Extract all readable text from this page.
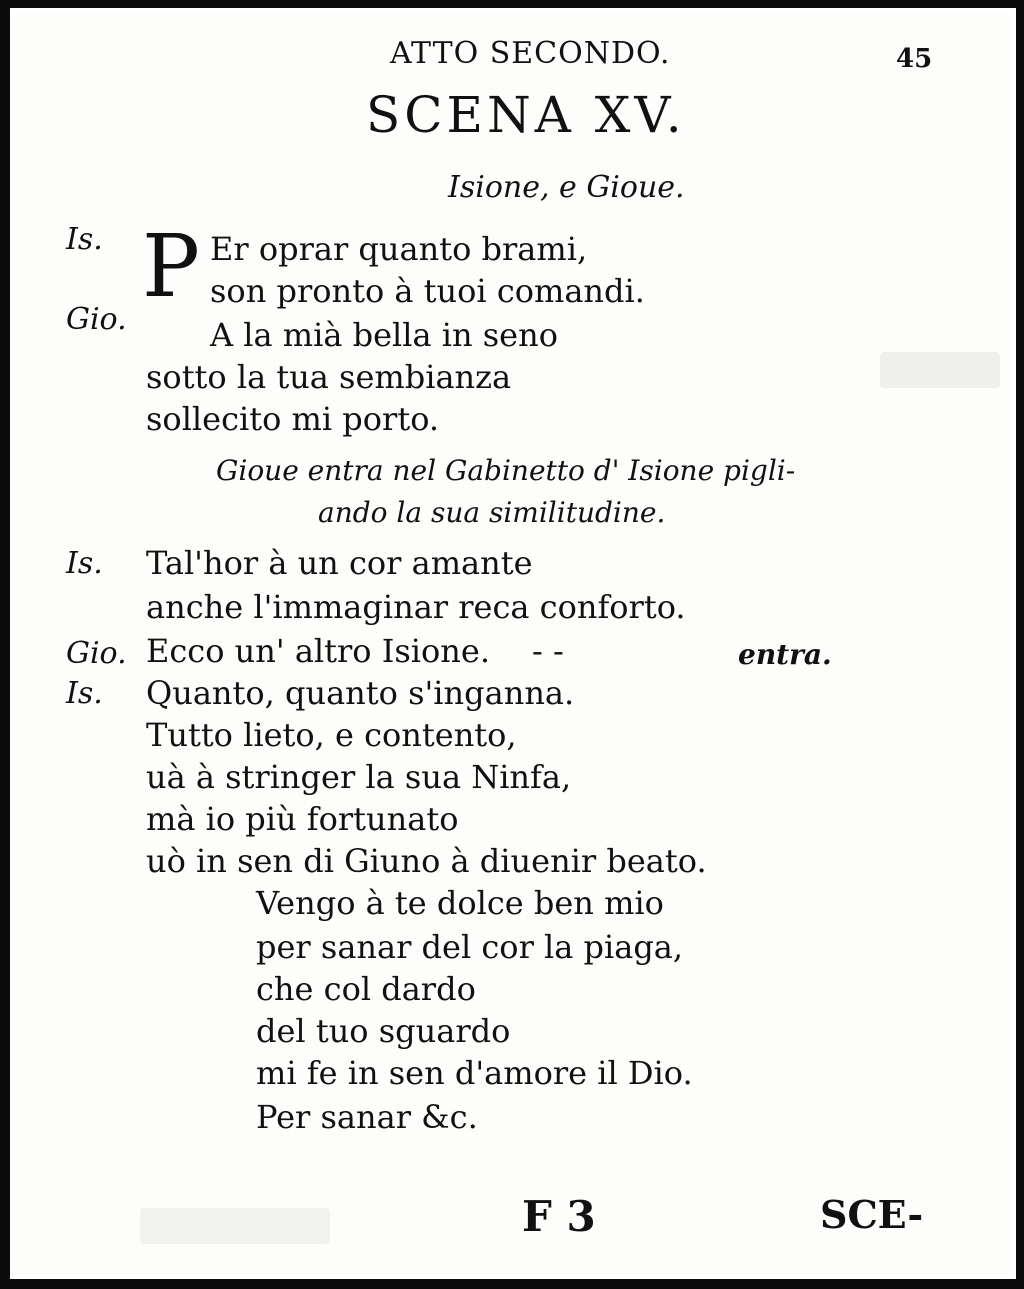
ATTO SECONDO.	45
SCENA XV.
Isione, e Gioue.
Is. P Er oprar quanto brami,
son pronto à tuoi comandi.
Gio.	A la mià bella in seno
sotto la tua sembianza
sollecito mi porto.
Gioue entra nel Gabinetto d' Isione pigli-
ando la sua similitudine.
Is. Tal'hor à un cor amante
anche l'immaginar reca conforto.
Gio. Ecco un' altro Isione. - -	entra.
Is. Quanto, quanto s'inganna.
Tutto lieto, e contento,
uà à stringer la sua Ninfa,
mà io più fortunato
uò in sen di Giuno à diuenir beato.
Vengo à te dolce ben mio
per sanar del cor la piaga,
che col dardo
del tuo sguardo
mi fe in sen d'amore il Dio.
Per sanar &c.
F 3	SCE-
